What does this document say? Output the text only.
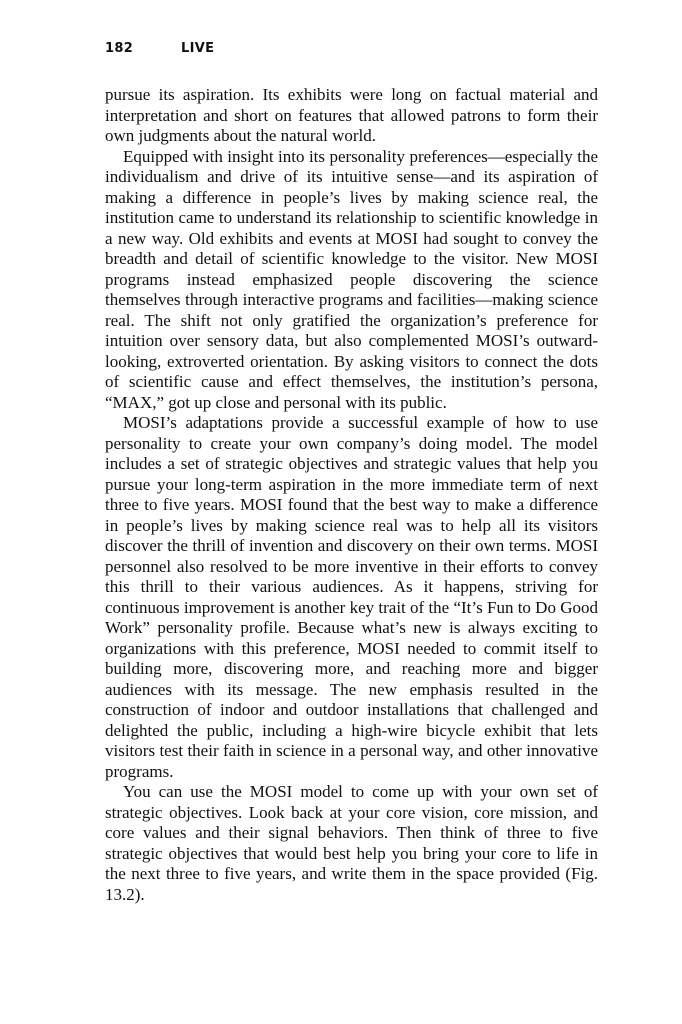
182	LIVE

pursue its aspiration. Its exhibits were long on factual material and interpretation and short on features that allowed patrons to form their own judgments about the natural world.

Equipped with insight into its personality preferences—especially the individualism and drive of its intuitive sense—and its aspiration of making a difference in people’s lives by making science real, the institution came to understand its relationship to scientific knowledge in a new way. Old exhibits and events at MOSI had sought to convey the breadth and detail of scientific knowledge to the visitor. New MOSI programs instead emphasized people discovering the science themselves through interactive programs and facilities—making science real. The shift not only gratified the organization’s preference for intuition over sensory data, but also complemented MOSI’s outward-looking, extroverted orientation. By asking visitors to connect the dots of scientific cause and effect themselves, the institution’s persona, “MAX,” got up close and personal with its public.

MOSI’s adaptations provide a successful example of how to use personality to create your own company’s doing model. The model includes a set of strategic objectives and strategic values that help you pursue your long-term aspiration in the more immediate term of next three to five years. MOSI found that the best way to make a difference in people’s lives by making science real was to help all its visitors discover the thrill of invention and discovery on their own terms. MOSI personnel also resolved to be more inventive in their efforts to convey this thrill to their various audiences. As it happens, striving for continuous improvement is another key trait of the “It’s Fun to Do Good Work” personality profile. Because what’s new is always exciting to organizations with this preference, MOSI needed to commit itself to building more, discovering more, and reaching more and bigger audiences with its message. The new emphasis resulted in the construction of indoor and outdoor installations that challenged and delighted the public, including a high-wire bicycle exhibit that lets visitors test their faith in science in a personal way, and other innovative programs.

You can use the MOSI model to come up with your own set of strategic objectives. Look back at your core vision, core mission, and core values and their signal behaviors. Then think of three to five strategic objectives that would best help you bring your core to life in the next three to five years, and write them in the space provided (Fig. 13.2).
